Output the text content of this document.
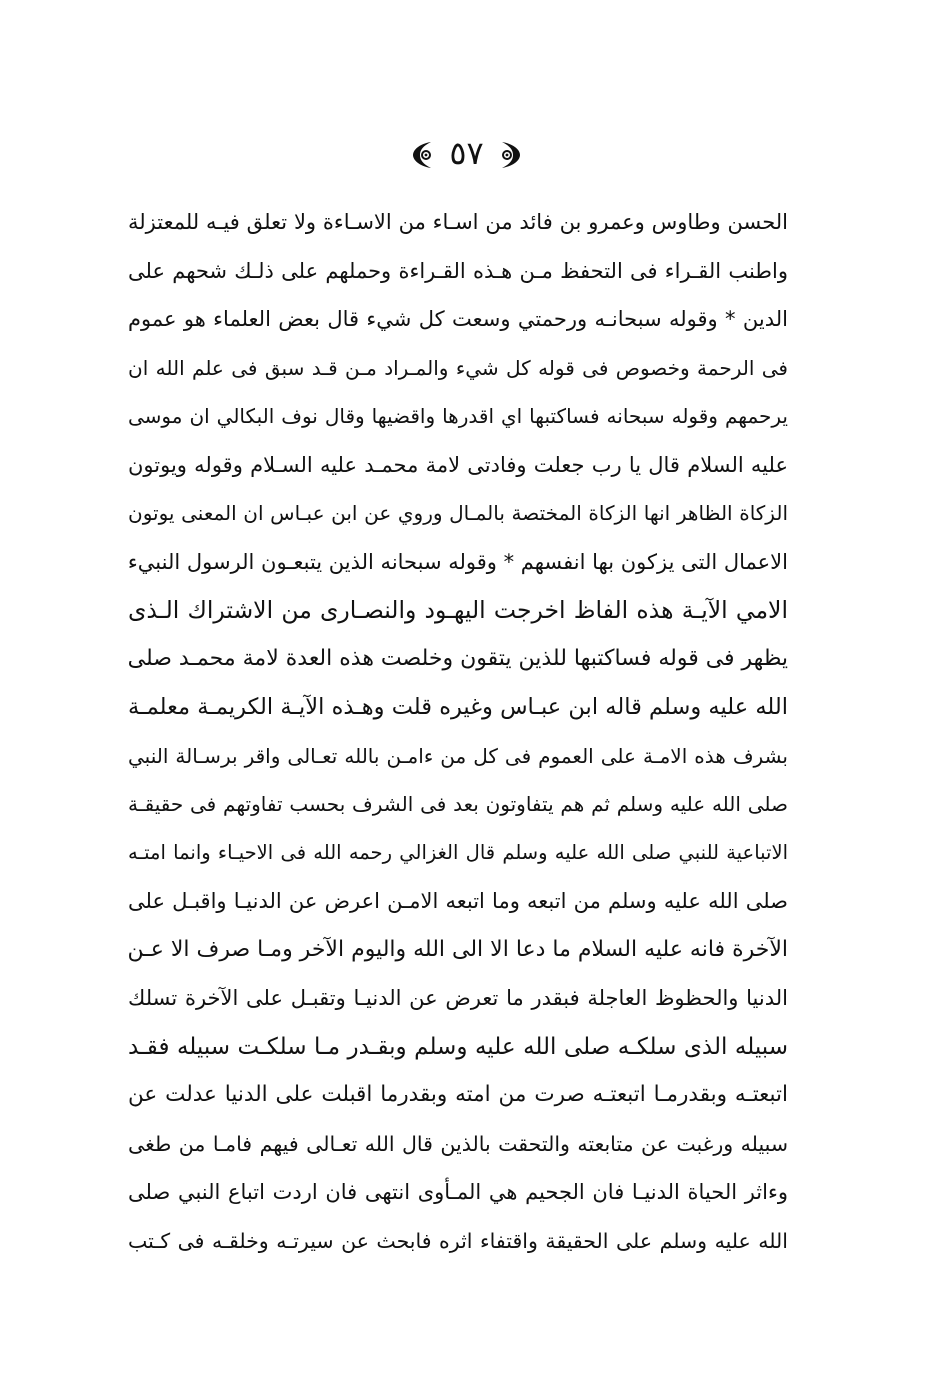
٥٧
الحسن وطاوس وعمرو بن فائد من اسـاء من الاسـاءة ولا تعلق فيـه للمعتزلة
واطنب القـراء فى التحفظ مـن هـذه القـراءة وحملهم على ذلـك شحهم على
الدين * وقوله سبحانـه ورحمتي وسعت كل شيء قال بعض العلماء هو عموم
فى الرحمة وخصوص فى قوله كل شيء والمـراد مـن قـد سبق فى علم الله ان
يرحمهم وقوله سبحانه فساكتبها اي اقدرها واقضيها وقال نوف البكالي ان موسى
عليه السلام قال يا رب جعلت وفادتى لامة محمـد عليه السـلام وقوله ويوتون
الزكاة الظاهر انها الزكاة المختصة بالمـال وروي عن ابن عبـاس ان المعنى يوتون
الاعمال التى يزكون بها انفسهم * وقوله سبحانه الذين يتبعـون الرسول النبيء
الامي الآيـة هذه الفاظ اخرجت اليهـود والنصـارى من الاشتراك الـذى
يظهر فى قوله فساكتبها للذين يتقون وخلصت هذه العدة لامة محمـد صلى
الله عليه وسلم قاله ابن عبـاس وغيره قلت وهـذه الآيـة الكريمـة معلمـة
بشرف هذه الامـة على العموم فى كل من ءامـن بالله تعـالى واقر برسـالة النبي
صلى الله عليه وسلم ثم هم يتفاوتون بعد فى الشرف بحسب تفاوتهم فى حقيقـة
الاتباعية للنبي صلى الله عليه وسلم قال الغزالي رحمه الله فى الاحيـاء وانما امتـه
صلى الله عليه وسلم من اتبعه وما اتبعه الامـن اعرض عن الدنيـا واقبـل على
الآخرة فانه عليه السلام ما دعا الا الى الله واليوم الآخر ومـا صرف الا عـن
الدنيا والحظوظ العاجلة فبقدر ما تعرض عن الدنيـا وتقبـل على الآخرة تسلك
سبيله الذى سلكـه صلى الله عليه وسلم وبقـدر مـا سلكـت سبيله فقـد
اتبعتـه وبقدرمـا اتبعتـه صرت من امته وبقدرما اقبلت على الدنيا عدلت عن
سبيله ورغبت عن متابعته والتحقت بالذين قال الله تعـالى فيهم فامـا من طغى
وءاثر الحياة الدنيـا فان الجحيم هي المـأوى انتهى فان اردت اتباع النبي صلى
الله عليه وسلم على الحقيقة واقتفاء اثره فابحث عن سيرتـه وخلقـه فى كـتب
